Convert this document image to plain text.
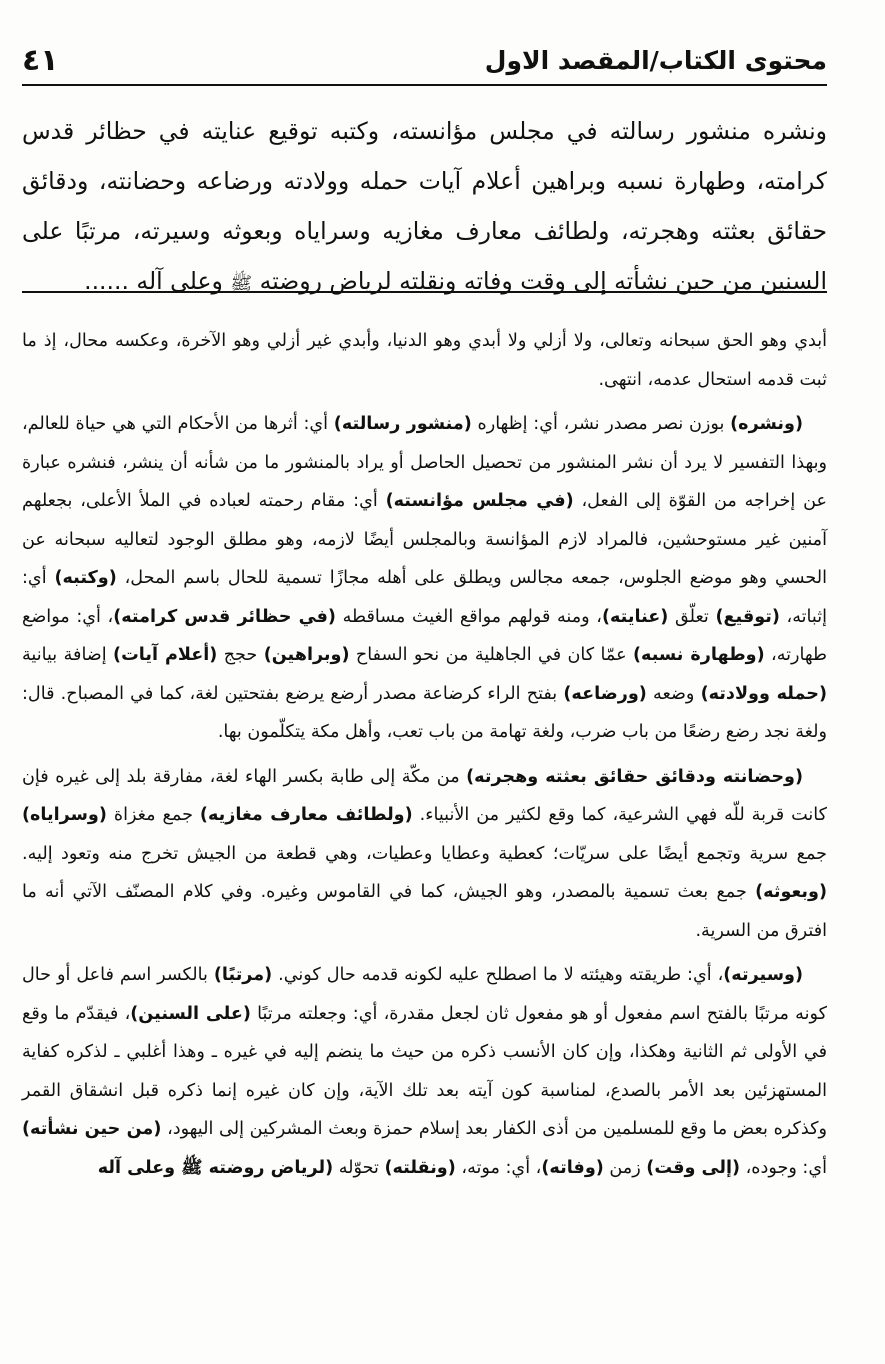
محتوى الكتاب/المقصد الاول
٤١

ونشره منشور رسالته في مجلس مؤانسته، وكتبه توقيع عنايته في حظائر قدس كرامته، وطهارة نسبه وبراهين أعلام آيات حمله وولادته ورضاعه وحضانته، ودقائق حقائق بعثته وهجرته، ولطائف معارف مغازيه وسراياه وبعوثه وسيرته، مرتبًا على السنين من حين نشأته إلى وقت وفاته ونقلته لرياض روضته ﷺ وعلى آله ......

أبدي وهو الحق سبحانه وتعالى، ولا أزلي ولا أبدي وهو الدنيا، وأبدي غير أزلي وهو الآخرة، وعكسه محال، إذ ما ثبت قدمه استحال عدمه، انتهى.

(ونشره) بوزن نصر مصدر نشر، أي: إظهاره (منشور رسالته) أي: أثرها من الأحكام التي هي حياة للعالم، وبهذا التفسير لا يرد أن نشر المنشور من تحصيل الحاصل أو يراد بالمنشور ما من شأنه أن ينشر، فنشره عبارة عن إخراجه من القوّة إلى الفعل، (في مجلس مؤانسته) أي: مقام رحمته لعباده في الملأ الأعلى، بجعلهم آمنين غير مستوحشين، فالمراد لازم المؤانسة وبالمجلس أيضًا لازمه، وهو مطلق الوجود لتعاليه سبحانه عن الحسي وهو موضع الجلوس، جمعه مجالس ويطلق على أهله مجازًا تسمية للحال باسم المحل، (وكتبه) أي: إثباته، (توقيع) تعلّق (عنايته)، ومنه قولهم مواقع الغيث مساقطه (في حظائر قدس كرامته)، أي: مواضع طهارته، (وطهارة نسبه) عمّا كان في الجاهلية من نحو السفاح (وبراهين) حجج (أعلام آيات) إضافة بيانية (حمله وولادته) وضعه (ورضاعه) بفتح الراء كرضاعة مصدر أرضع يرضع بفتحتين لغة، كما في المصباح. قال: ولغة نجد رضع رضعًا من باب ضرب، ولغة تهامة من باب تعب، وأهل مكة يتكلّمون بها.

(وحضانته ودقائق حقائق بعثته وهجرته) من مكّة إلى طابة بكسر الهاء لغة، مفارقة بلد إلى غيره فإن كانت قربة للّه فهي الشرعية، كما وقع لكثير من الأنبياء. (ولطائف معارف مغازيه) جمع مغزاة (وسراياه) جمع سرية وتجمع أيضًا على سريّات؛ كعطية وعطايا وعطيات، وهي قطعة من الجيش تخرج منه وتعود إليه. (وبعوثه) جمع بعث تسمية بالمصدر، وهو الجيش، كما في القاموس وغيره. وفي كلام المصنّف الآتي أنه ما افترق من السرية.

(وسيرته)، أي: طريقته وهيئته لا ما اصطلح عليه لكونه قدمه حال كوني. (مرتبًا) بالكسر اسم فاعل أو حال كونه مرتبًا بالفتح اسم مفعول أو هو مفعول ثان لجعل مقدرة، أي: وجعلته مرتبًا (على السنين)، فيقدّم ما وقع في الأولى ثم الثانية وهكذا، وإن كان الأنسب ذكره من حيث ما ينضم إليه في غيره ـ وهذا أغلبي ـ لذكره كفاية المستهزئين بعد الأمر بالصدع، لمناسبة كون آيته بعد تلك الآية، وإن كان غيره إنما ذكره قبل انشقاق القمر وكذكره بعض ما وقع للمسلمين من أذى الكفار بعد إسلام حمزة وبعث المشركين إلى اليهود، (من حين نشأته) أي: وجوده، (إلى وقت) زمن (وفاته)، أي: موته، (ونقلته) تحوّله (لرياض روضته ﷺ وعلى آله
